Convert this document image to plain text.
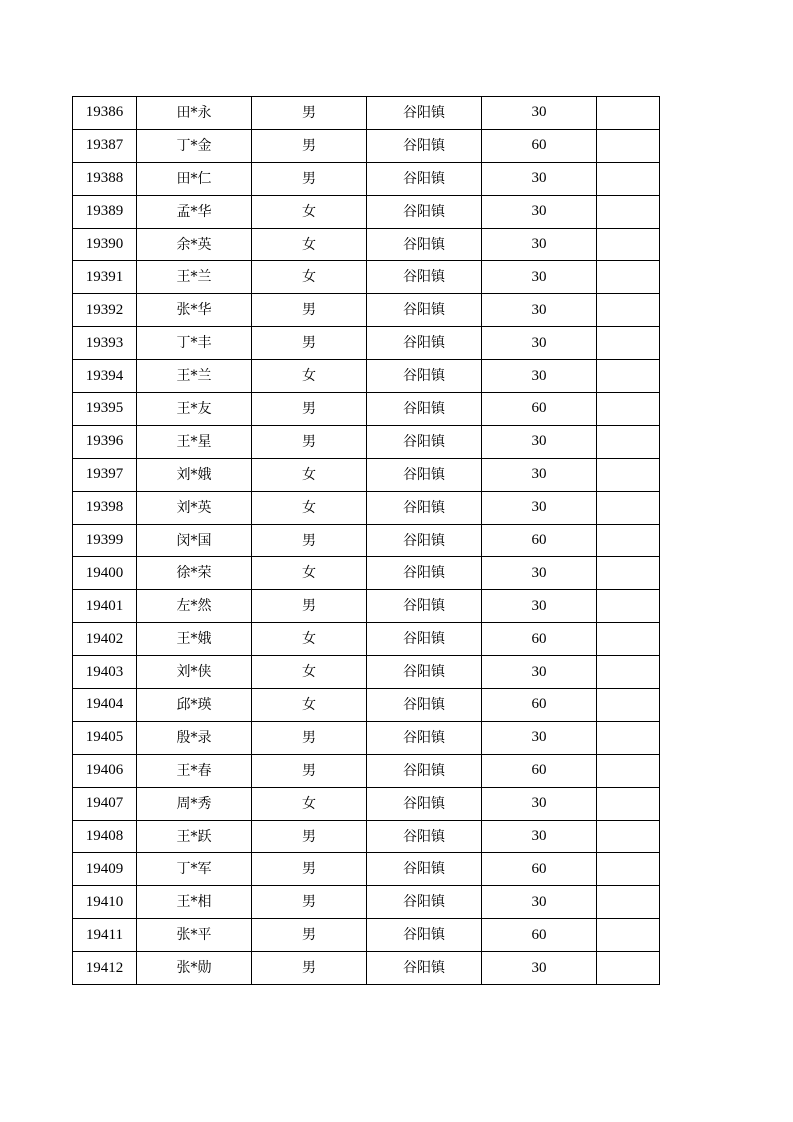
19386	田*永	男	谷阳镇	30	
19387	丁*金	男	谷阳镇	60	
19388	田*仁	男	谷阳镇	30	
19389	孟*华	女	谷阳镇	30	
19390	余*英	女	谷阳镇	30	
19391	王*兰	女	谷阳镇	30	
19392	张*华	男	谷阳镇	30	
19393	丁*丰	男	谷阳镇	30	
19394	王*兰	女	谷阳镇	30	
19395	王*友	男	谷阳镇	60	
19396	王*星	男	谷阳镇	30	
19397	刘*娥	女	谷阳镇	30	
19398	刘*英	女	谷阳镇	30	
19399	闵*国	男	谷阳镇	60	
19400	徐*荣	女	谷阳镇	30	
19401	左*然	男	谷阳镇	30	
19402	王*娥	女	谷阳镇	60	
19403	刘*侠	女	谷阳镇	30	
19404	邱*瑛	女	谷阳镇	60	
19405	殷*录	男	谷阳镇	30	
19406	王*春	男	谷阳镇	60	
19407	周*秀	女	谷阳镇	30	
19408	王*跃	男	谷阳镇	30	
19409	丁*军	男	谷阳镇	60	
19410	王*相	男	谷阳镇	30	
19411	张*平	男	谷阳镇	60	
19412	张*勋	男	谷阳镇	30	
